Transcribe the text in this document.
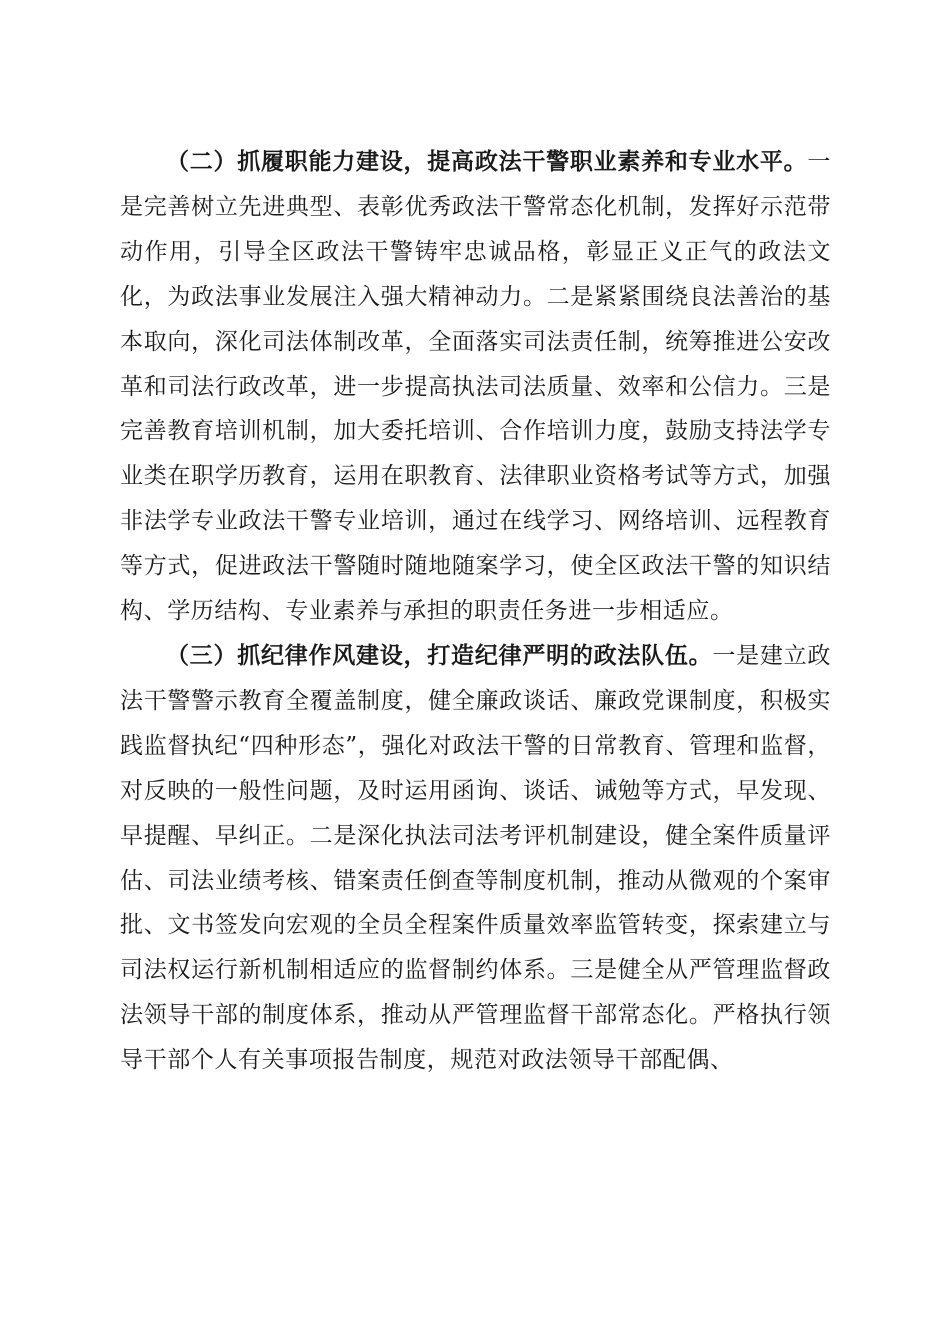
（二）抓履职能力建设，提高政法干警职业素养和专业水平。一是完善树立先进典型、表彰优秀政法干警常态化机制，发挥好示范带动作用，引导全区政法干警铸牢忠诚品格，彰显正义正气的政法文化，为政法事业发展注入强大精神动力。二是紧紧围绕良法善治的基本取向，深化司法体制改革，全面落实司法责任制，统筹推进公安改革和司法行政改革，进一步提高执法司法质量、效率和公信力。三是完善教育培训机制，加大委托培训、合作培训力度，鼓励支持法学专业类在职学历教育，运用在职教育、法律职业资格考试等方式，加强非法学专业政法干警专业培训，通过在线学习、网络培训、远程教育等方式，促进政法干警随时随地随案学习，使全区政法干警的知识结构、学历结构、专业素养与承担的职责任务进一步相适应。

（三）抓纪律作风建设，打造纪律严明的政法队伍。一是建立政法干警警示教育全覆盖制度，健全廉政谈话、廉政党课制度，积极实践监督执纪“四种形态”，强化对政法干警的日常教育、管理和监督，对反映的一般性问题，及时运用函询、谈话、诫勉等方式，早发现、早提醒、早纠正。二是深化执法司法考评机制建设，健全案件质量评估、司法业绩考核、错案责任倒查等制度机制，推动从微观的个案审批、文书签发向宏观的全员全程案件质量效率监管转变，探索建立与司法权运行新机制相适应的监督制约体系。三是健全从严管理监督政法领导干部的制度体系，推动从严管理监督干部常态化。严格执行领导干部个人有关事项报告制度，规范对政法领导干部配偶、
